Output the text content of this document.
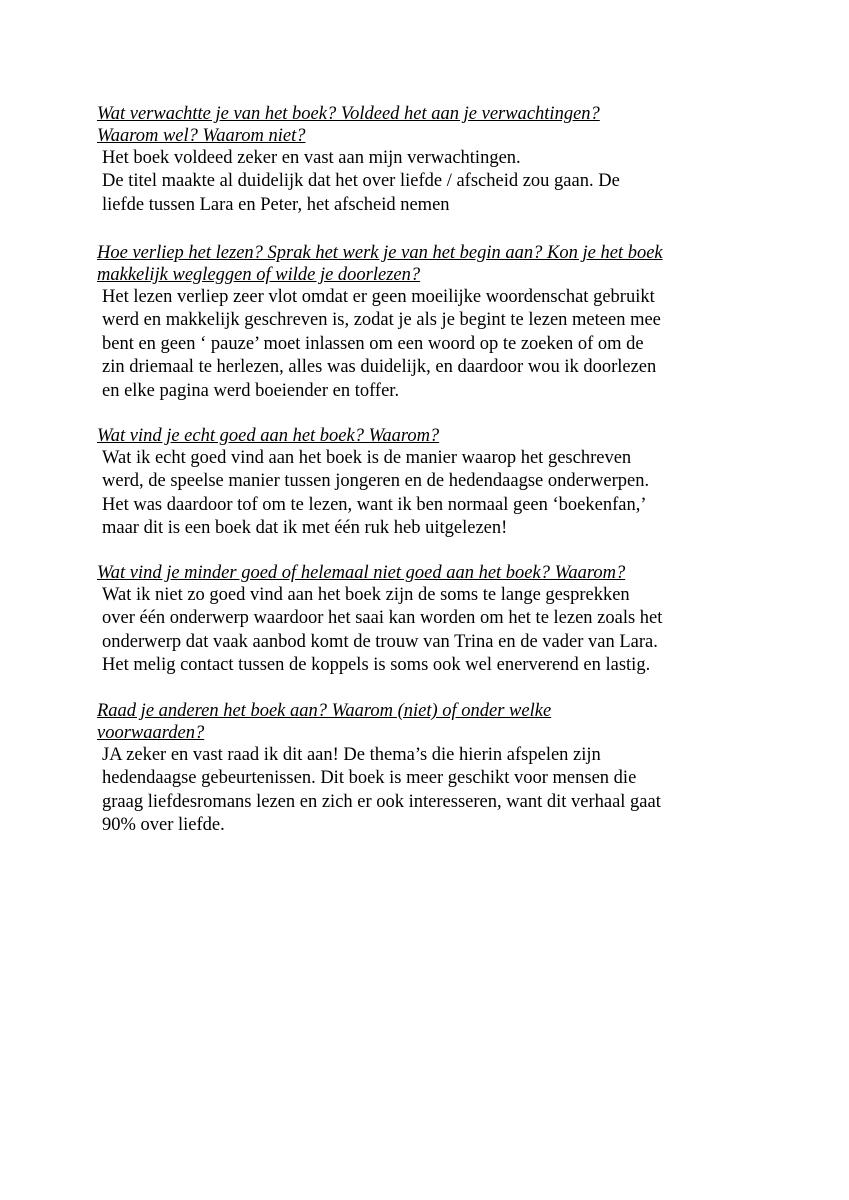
Wat verwachtte je van het boek? Voldeed het aan je verwachtingen?
Waarom wel? Waarom niet?

Het boek voldeed zeker en vast aan mijn verwachtingen.
De titel maakte al duidelijk dat het over liefde / afscheid zou gaan. De
liefde tussen Lara en Peter, het afscheid nemen

Hoe verliep het lezen? Sprak het werk je van het begin aan? Kon je het boek
makkelijk wegleggen of wilde je doorlezen?

Het lezen verliep zeer vlot omdat er geen moeilijke woordenschat gebruikt
werd en makkelijk geschreven is, zodat je als je begint te lezen meteen mee
bent en geen ‘ pauze’ moet inlassen om een woord op te zoeken of om de
zin driemaal te herlezen, alles was duidelijk, en daardoor wou ik doorlezen
en elke pagina werd boeiender en toffer.

Wat vind je echt goed aan het boek? Waarom?

Wat ik echt goed vind aan het boek is de manier waarop het geschreven
werd, de speelse manier tussen jongeren en de hedendaagse onderwerpen.
Het was daardoor tof om te lezen, want ik ben normaal geen ‘boekenfan,’
maar dit is een boek dat ik met één ruk heb uitgelezen!

Wat vind je minder goed of helemaal niet goed aan het boek? Waarom?

Wat ik niet zo goed vind aan het boek zijn de soms te lange gesprekken
over één onderwerp waardoor het saai kan worden om het te lezen zoals het
onderwerp dat vaak aanbod komt de trouw van Trina en de vader van Lara.
Het melig contact tussen de koppels is soms ook wel enerverend en lastig.

Raad je anderen het boek aan? Waarom (niet) of onder welke
voorwaarden?

JA zeker en vast raad ik dit aan! De thema’s die hierin afspelen zijn
hedendaagse gebeurtenissen. Dit boek is meer geschikt voor mensen die
graag liefdesromans lezen en zich er ook interesseren, want dit verhaal gaat
90% over liefde.
